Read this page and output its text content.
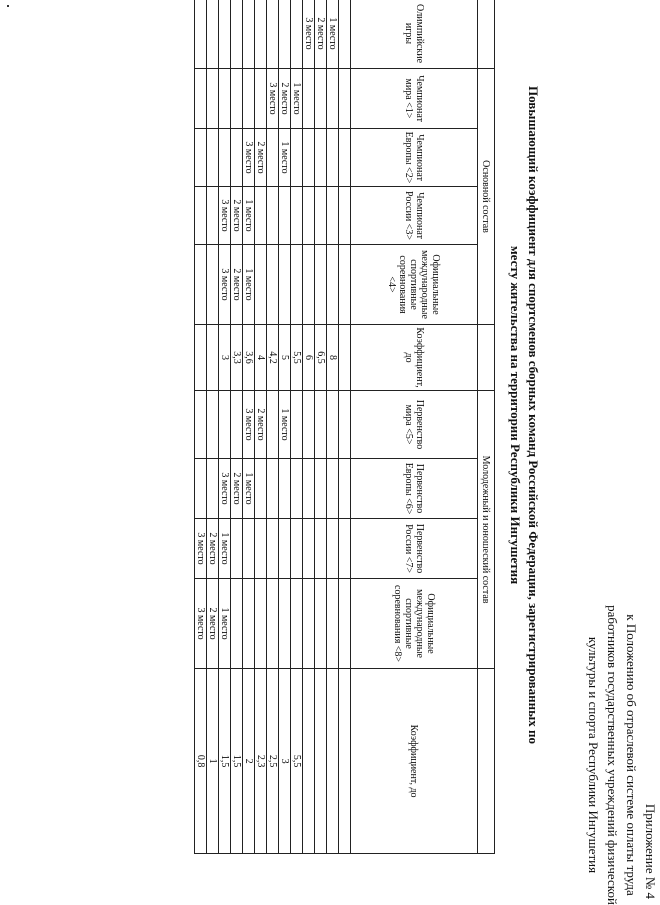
Приложение № 4
к Положению об отраслевой системе оплаты труда
работников государственных учреждений физической
культуры и спорта Республики Ингушетия
Повышающий коэффициент для спортсменов сборных команд Российской Федерации, зарегистрированных по
месту жительства на территории Республики Ингушетия
	Основной состав					Молодежный и юношеский состав				
Олимпийские игры	Чемпионат мира <1>	Чемпионат Европы <2>	Чемпионат России <3>	Официальные международные спортивные соревнования <4>	Коэффициент, до	Первенство мира <5>	Первенство Европы <6>	Первенство России <7>	Официальные международные спортивные соревнования <8>	Коэффициент, до

1 место					8					
2 место					6,5					
3 место					6					
	1 место				5,5					5,5
	2 место	1 место			5	1 место				3
	3 место				4,2					2,5
		2 место			4	2 место				2,3
		3 место	1 место	1 место	3,6	3 место	1 место			2
			2 место	2 место	3,3		2 место			1,5
			3 место	3 место	3		3 место	1 место	1 место	1,5
								2 место	2 место	1
								3 место	3 место	0,8
